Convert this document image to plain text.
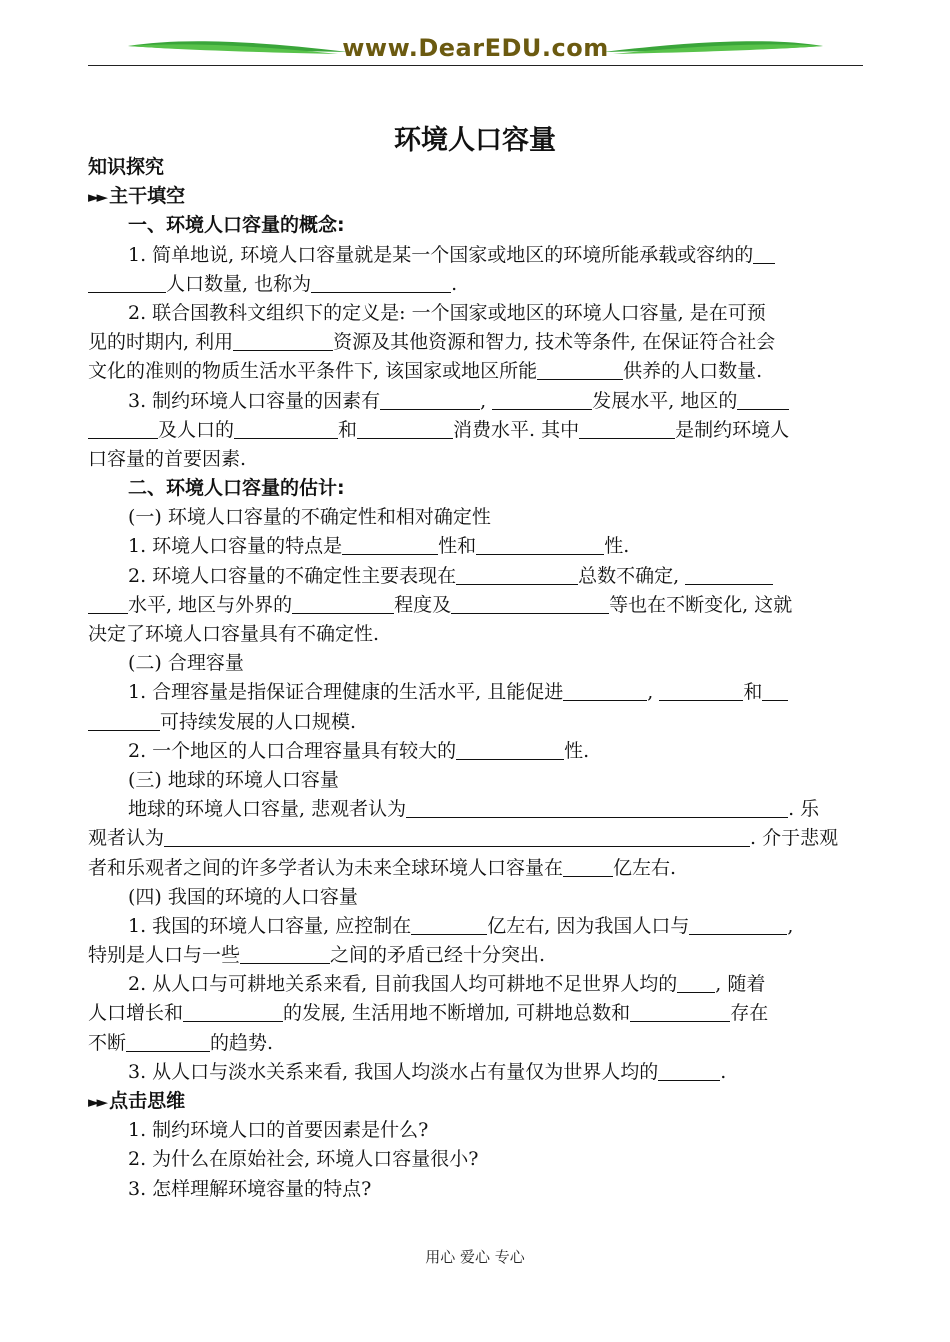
www.DearEDU.com
环境人口容量
知识探究
►► 主干填空
一、环境人口容量的概念:
1. 简单地说, 环境人口容量就是某一个国家或地区的环境所能承载或容纳的
人口数量, 也称为	.
2. 联合国教科文组织下的定义是: 一个国家或地区的环境人口容量, 是在可预
见的时期内, 利用	资源及其他资源和智力, 技术等条件, 在保证符合社会
文化的准则的物质生活水平条件下, 该国家或地区所能	供养的人口数量.
3. 制约环境人口容量的因素有	,	发展水平, 地区的
及人口的	和	消费水平. 其中	是制约环境人
口容量的首要因素.
二、环境人口容量的估计:
(一) 环境人口容量的不确定性和相对确定性
1. 环境人口容量的特点是	性和	性.
2. 环境人口容量的不确定性主要表现在	总数不确定,
水平, 地区与外界的	程度及	等也在不断变化, 这就
决定了环境人口容量具有不确定性.
(二) 合理容量
1. 合理容量是指保证合理健康的生活水平, 且能促进	,	和
可持续发展的人口规模.
2. 一个地区的人口合理容量具有较大的	性.
(三) 地球的环境人口容量
地球的环境人口容量, 悲观者认为	. 乐
观者认为	. 介于悲观
者和乐观者之间的许多学者认为未来全球环境人口容量在	亿左右.
(四) 我国的环境的人口容量
1. 我国的环境人口容量, 应控制在	亿左右, 因为我国人口与	,
特别是人口与一些	之间的矛盾已经十分突出.
2. 从人口与可耕地关系来看, 目前我国人均可耕地不足世界人均的 , 随着
人口增长和	的发展, 生活用地不断增加, 可耕地总数和	存在
不断	的趋势.
3. 从人口与淡水关系来看, 我国人均淡水占有量仅为世界人均的	.
►► 点击思维
1. 制约环境人口的首要因素是什么?
2. 为什么在原始社会, 环境人口容量很小?
3. 怎样理解环境容量的特点?
用心 爱心 专心
